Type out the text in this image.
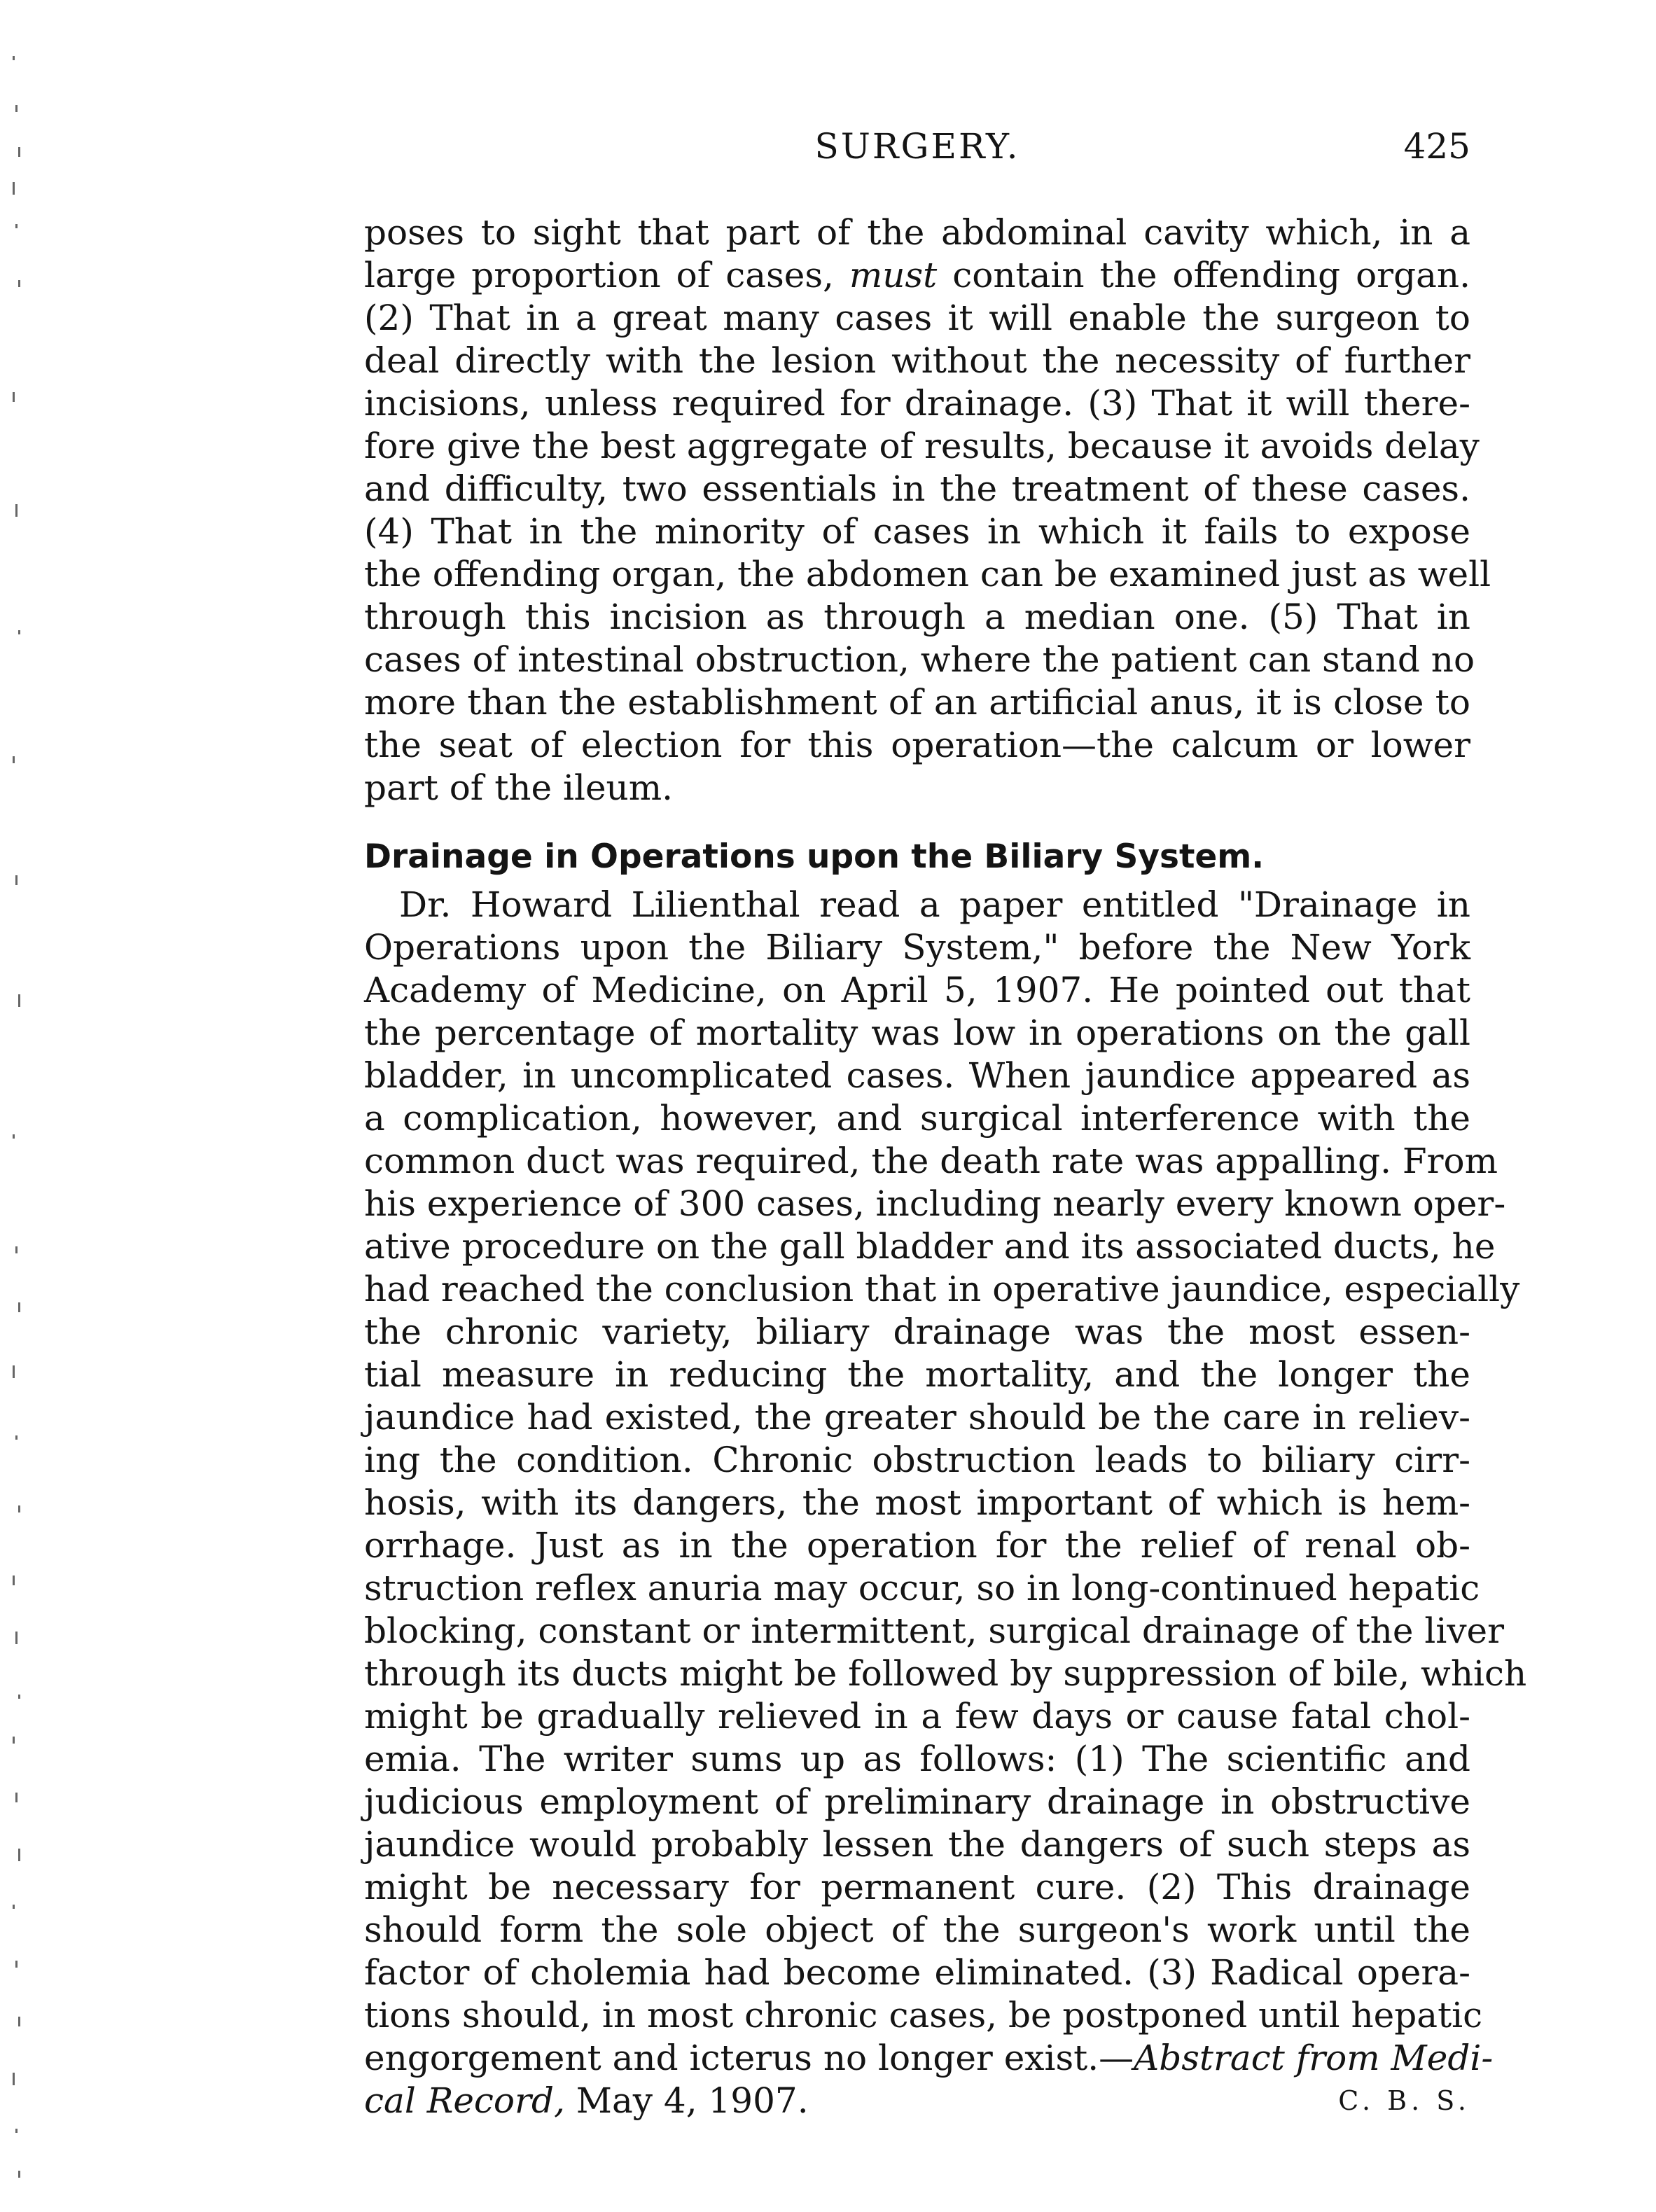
SURGERY.	425
poses to sight that part of the abdominal cavity which, in a
large proportion of cases, must contain the offending organ.
(2) That in a great many cases it will enable the surgeon to
deal directly with the lesion without the necessity of further
incisions, unless required for drainage. (3) That it will there-
fore give the best aggregate of results, because it avoids delay
and difficulty, two essentials in the treatment of these cases.
(4) That in the minority of cases in which it fails to expose
the offending organ, the abdomen can be examined just as well
through this incision as through a median one. (5) That in
cases of intestinal obstruction, where the patient can stand no
more than the establishment of an artificial anus, it is close to
the seat of election for this operation—the calcum or lower
part of the ileum.
Drainage in Operations upon the Biliary System.
Dr. Howard Lilienthal read a paper entitled "Drainage in
Operations upon the Biliary System," before the New York
Academy of Medicine, on April 5, 1907. He pointed out that
the percentage of mortality was low in operations on the gall
bladder, in uncomplicated cases. When jaundice appeared as
a complication, however, and surgical interference with the
common duct was required, the death rate was appalling. From
his experience of 300 cases, including nearly every known oper-
ative procedure on the gall bladder and its associated ducts, he
had reached the conclusion that in operative jaundice, especially
the chronic variety, biliary drainage was the most essen-
tial measure in reducing the mortality, and the longer the
jaundice had existed, the greater should be the care in reliev-
ing the condition. Chronic obstruction leads to biliary cirr-
hosis, with its dangers, the most important of which is hem-
orrhage. Just as in the operation for the relief of renal ob-
struction reflex anuria may occur, so in long-continued hepatic
blocking, constant or intermittent, surgical drainage of the liver
through its ducts might be followed by suppression of bile, which
might be gradually relieved in a few days or cause fatal chol-
emia. The writer sums up as follows: (1) The scientific and
judicious employment of preliminary drainage in obstructive
jaundice would probably lessen the dangers of such steps as
might be necessary for permanent cure. (2) This drainage
should form the sole object of the surgeon's work until the
factor of cholemia had become eliminated. (3) Radical opera-
tions should, in most chronic cases, be postponed until hepatic
engorgement and icterus no longer exist.—Abstract from Medi-
cal Record, May 4, 1907.	C. B. S.
